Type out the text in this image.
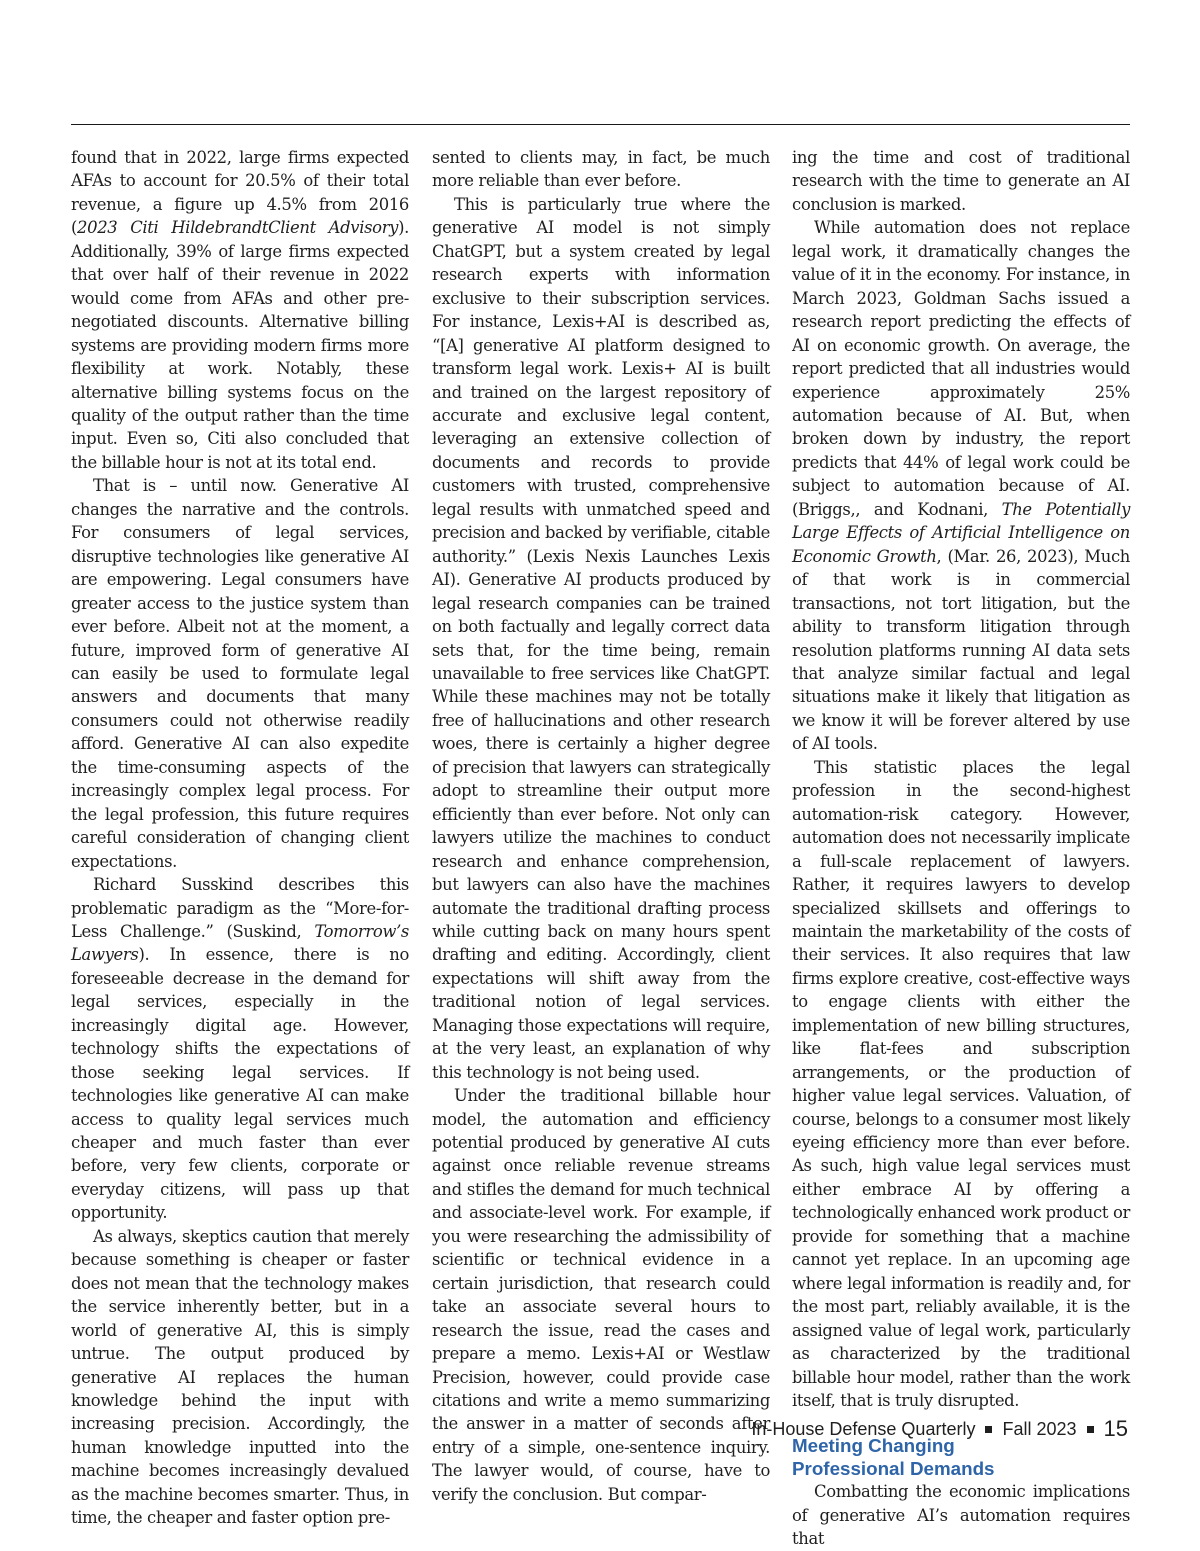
found that in 2022, large firms expected AFAs to account for 20.5% of their total revenue, a figure up 4.5% from 2016 (2023 Citi HildebrandtClient Advisory). Additionally, 39% of large firms expected that over half of their revenue in 2022 would come from AFAs and other pre-negotiated discounts. Alternative billing systems are providing modern firms more flexibility at work. Notably, these alternative billing systems focus on the quality of the output rather than the time input. Even so, Citi also concluded that the billable hour is not at its total end.

That is – until now. Generative AI changes the narrative and the controls. For consumers of legal services, disruptive technologies like generative AI are empowering. Legal consumers have greater access to the justice system than ever before. Albeit not at the moment, a future, improved form of generative AI can easily be used to formulate legal answers and documents that many consumers could not otherwise readily afford. Generative AI can also expedite the time-consuming aspects of the increasingly complex legal process. For the legal profession, this future requires careful consideration of changing client expectations.

Richard Susskind describes this problematic paradigm as the “More-for-Less Challenge.” (Suskind, Tomorrow’s Lawyers). In essence, there is no foreseeable decrease in the demand for legal services, especially in the increasingly digital age. However, technology shifts the expectations of those seeking legal services. If technologies like generative AI can make access to quality legal services much cheaper and much faster than ever before, very few clients, corporate or everyday citizens, will pass up that opportunity.

As always, skeptics caution that merely because something is cheaper or faster does not mean that the technology makes the service inherently better, but in a world of generative AI, this is simply untrue. The output produced by generative AI replaces the human knowledge behind the input with increasing precision. Accordingly, the human knowledge inputted into the machine becomes increasingly devalued as the machine becomes smarter. Thus, in time, the cheaper and faster option pre-

sented to clients may, in fact, be much more reliable than ever before.

This is particularly true where the generative AI model is not simply ChatGPT, but a system created by legal research experts with information exclusive to their subscription services. For instance, Lexis+AI is described as, “[A] generative AI platform designed to transform legal work. Lexis+ AI is built and trained on the largest repository of accurate and exclusive legal content, leveraging an extensive collection of documents and records to provide customers with trusted, comprehensive legal results with unmatched speed and precision and backed by verifiable, citable authority.” (Lexis Nexis Launches Lexis AI). Generative AI products produced by legal research companies can be trained on both factually and legally correct data sets that, for the time being, remain unavailable to free services like ChatGPT. While these machines may not be totally free of hallucinations and other research woes, there is certainly a higher degree of precision that lawyers can strategically adopt to streamline their output more efficiently than ever before. Not only can lawyers utilize the machines to conduct research and enhance comprehension, but lawyers can also have the machines automate the traditional drafting process while cutting back on many hours spent drafting and editing. Accordingly, client expectations will shift away from the traditional notion of legal services. Managing those expectations will require, at the very least, an explanation of why this technology is not being used.

Under the traditional billable hour model, the automation and efficiency potential produced by generative AI cuts against once reliable revenue streams and stifles the demand for much technical and associate-level work. For example, if you were researching the admissibility of scientific or technical evidence in a certain jurisdiction, that research could take an associate several hours to research the issue, read the cases and prepare a memo. Lexis+AI or Westlaw Precision, however, could provide case citations and write a memo summarizing the answer in a matter of seconds after entry of a simple, one-sentence inquiry. The lawyer would, of course, have to verify the conclusion. But compar-

ing the time and cost of traditional research with the time to generate an AI conclusion is marked.

While automation does not replace legal work, it dramatically changes the value of it in the economy. For instance, in March 2023, Goldman Sachs issued a research report predicting the effects of AI on economic growth. On average, the report predicted that all industries would experience approximately 25% automation because of AI. But, when broken down by industry, the report predicts that 44% of legal work could be subject to automation because of AI. (Briggs,, and Kodnani, The Potentially Large Effects of Artificial Intelligence on Economic Growth, (Mar. 26, 2023), Much of that work is in commercial transactions, not tort litigation, but the ability to transform litigation through resolution platforms running AI data sets that analyze similar factual and legal situations make it likely that litigation as we know it will be forever altered by use of AI tools.

This statistic places the legal profession in the second-highest automation-risk category. However, automation does not necessarily implicate a full-scale replacement of lawyers. Rather, it requires lawyers to develop specialized skillsets and offerings to maintain the marketability of the costs of their services. It also requires that law firms explore creative, cost-effective ways to engage clients with either the implementation of new billing structures, like flat-fees and subscription arrangements, or the production of higher value legal services. Valuation, of course, belongs to a consumer most likely eyeing efficiency more than ever before. As such, high value legal services must either embrace AI by offering a technologically enhanced work product or provide for something that a machine cannot yet replace. In an upcoming age where legal information is readily and, for the most part, reliably available, it is the assigned value of legal work, particularly as characterized by the traditional billable hour model, rather than the work itself, that is truly disrupted.

Meeting Changing
Professional Demands

Combatting the economic implications of generative AI’s automation requires that

In-House Defense Quarterly Fall 2023 15
